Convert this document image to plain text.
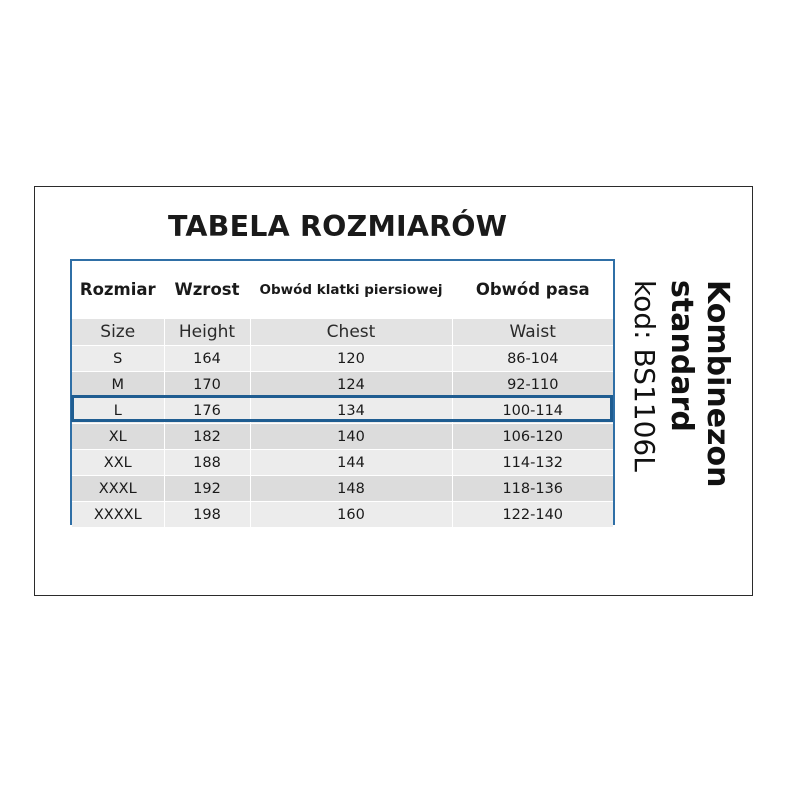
TABELA ROZMIARÓW
Rozmiar	Wzrost	Obwód klatki piersiowej	Obwód pasa
Size	Height	Chest	Waist
S	164	120	86-104
M	170	124	92-110
L	176	134	100-114
XL	182	140	106-120
XXL	188	144	114-132
XXXL	192	148	118-136
XXXXL	198	160	122-140
Kombinezon
standard
kod: BS1106L
